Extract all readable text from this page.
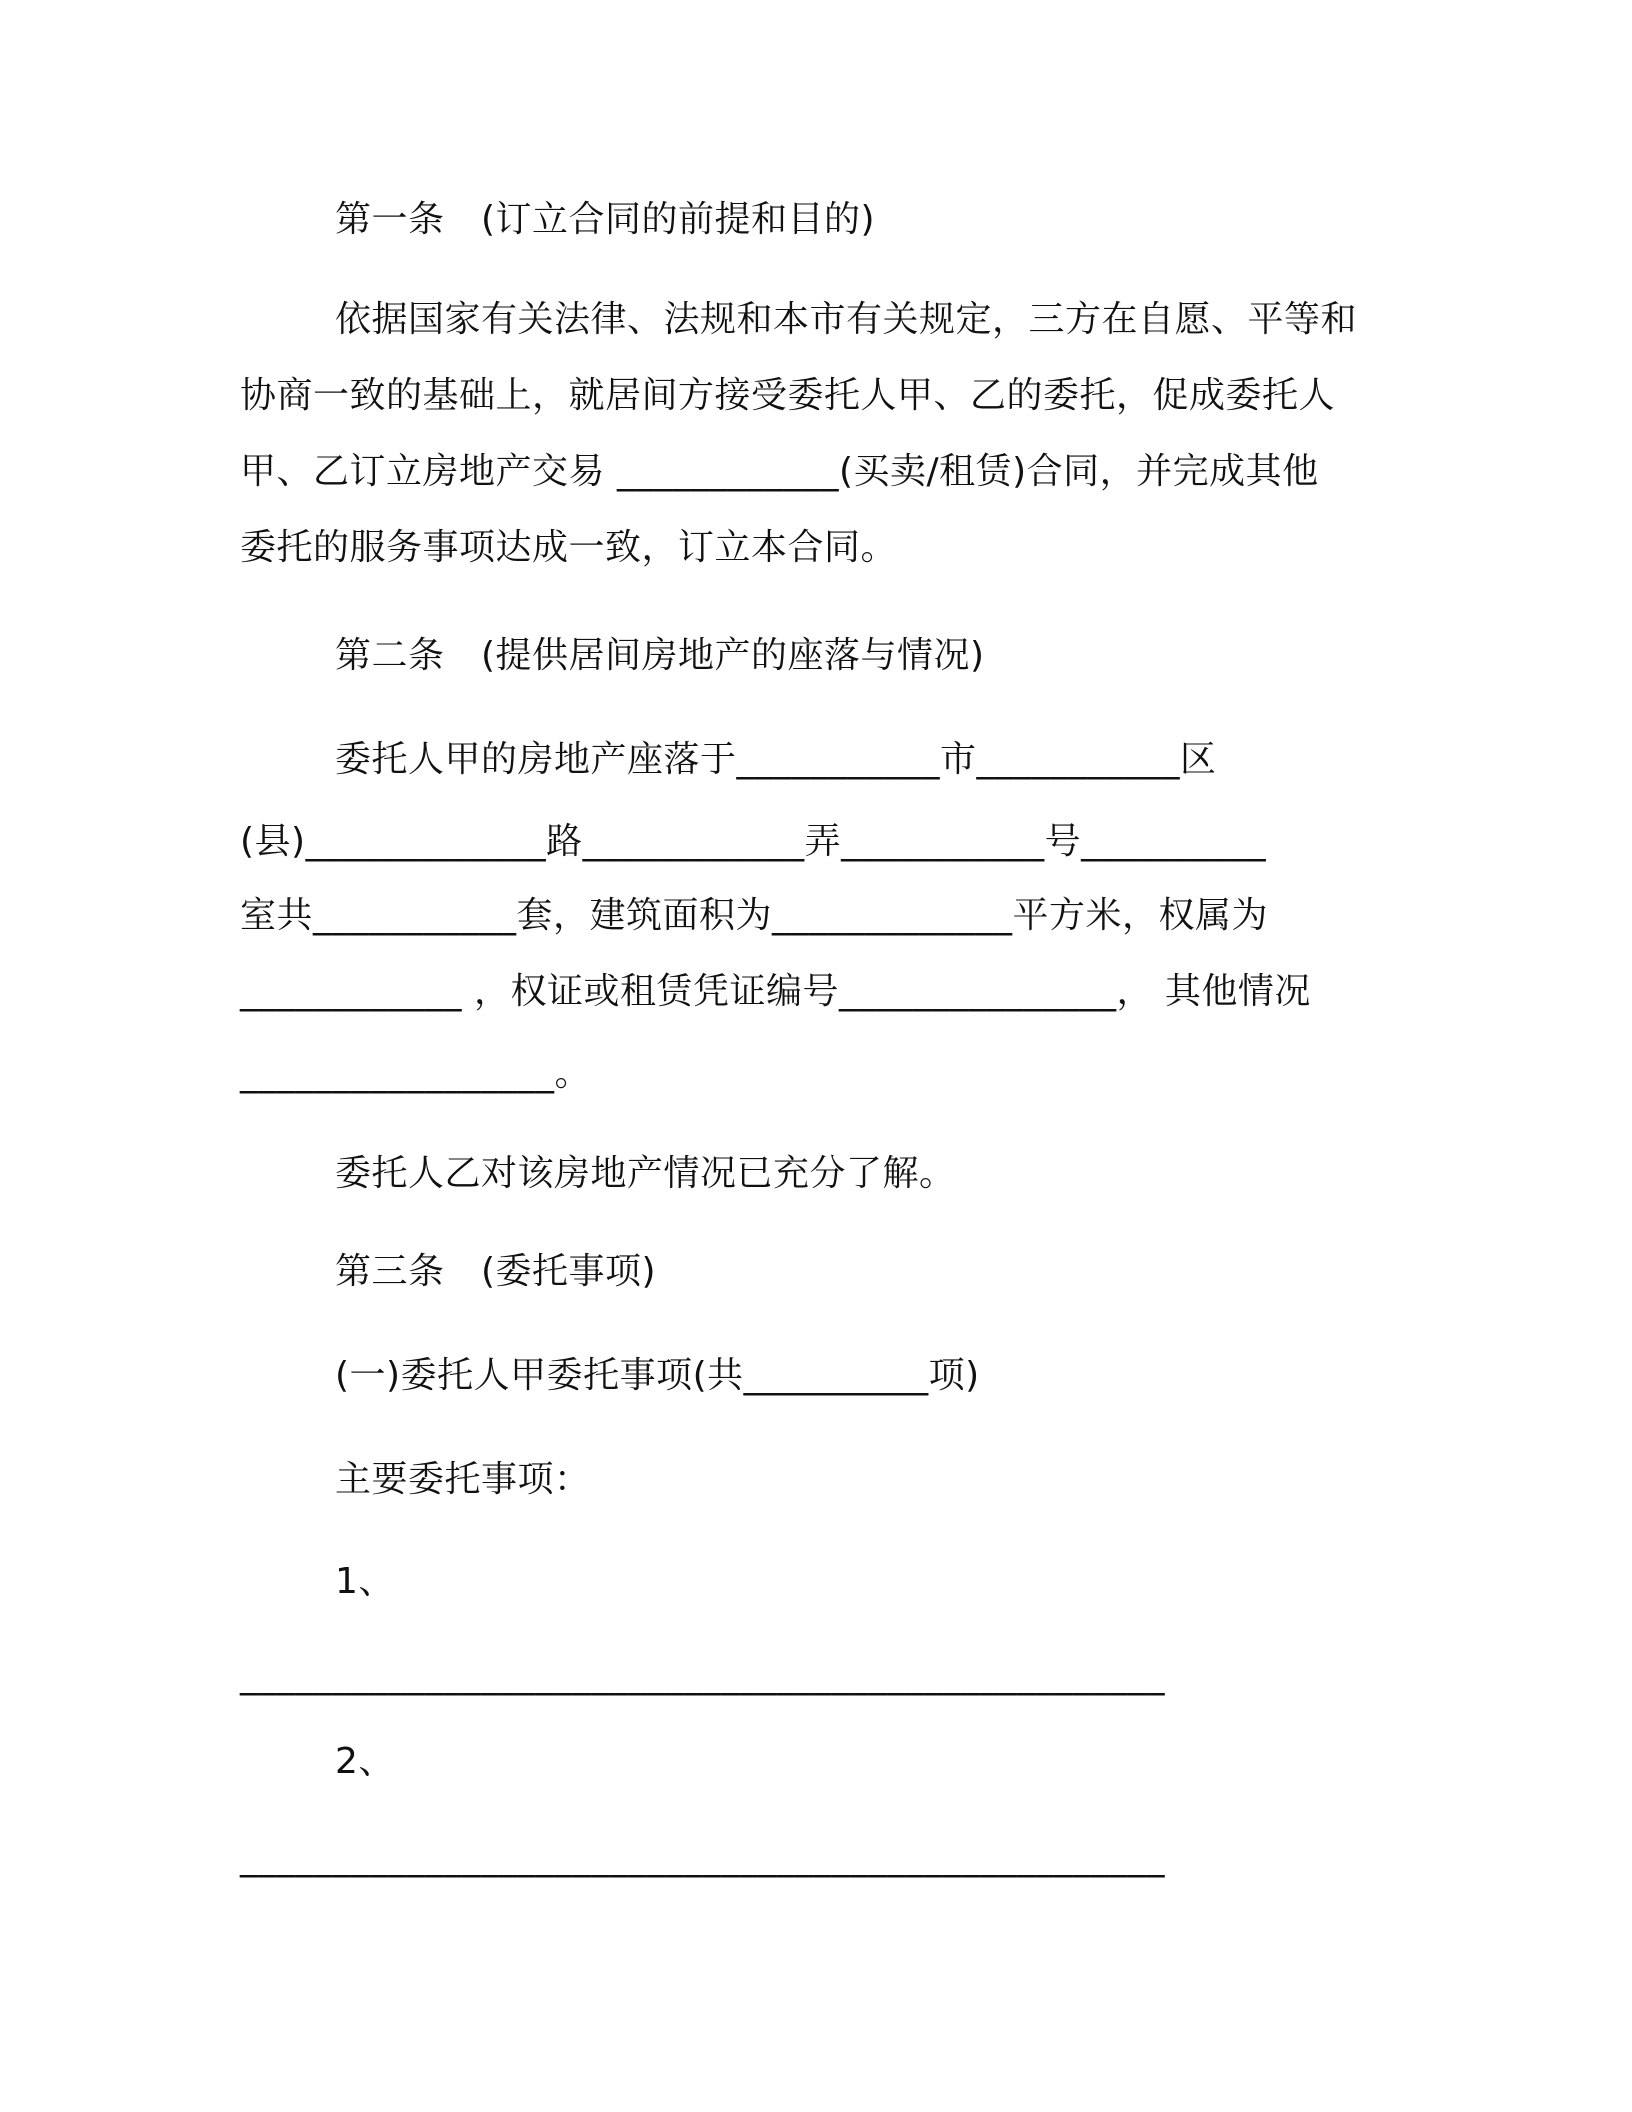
第一条　(订立合同的前提和目的)
依据国家有关法律、法规和本市有关规定，三方在自愿、平等和
协商一致的基础上，就居间方接受委托人甲、乙的委托，促成委托人
甲、乙订立房地产交易 ____________(买卖/租赁)合同，并完成其他
委托的服务事项达成一致，订立本合同。
第二条　(提供居间房地产的座落与情况)
委托人甲的房地产座落于___________市___________区
(县)_____________路____________弄___________号__________
室共___________套，建筑面积为_____________平方米，权属为
____________ ，权证或租赁凭证编号_______________， 其他情况
_________________。
委托人乙对该房地产情况已充分了解。
第三条　(委托事项)
(一)委托人甲委托事项(共__________项)
主要委托事项：
1、
__________________________________________________
2、
__________________________________________________
